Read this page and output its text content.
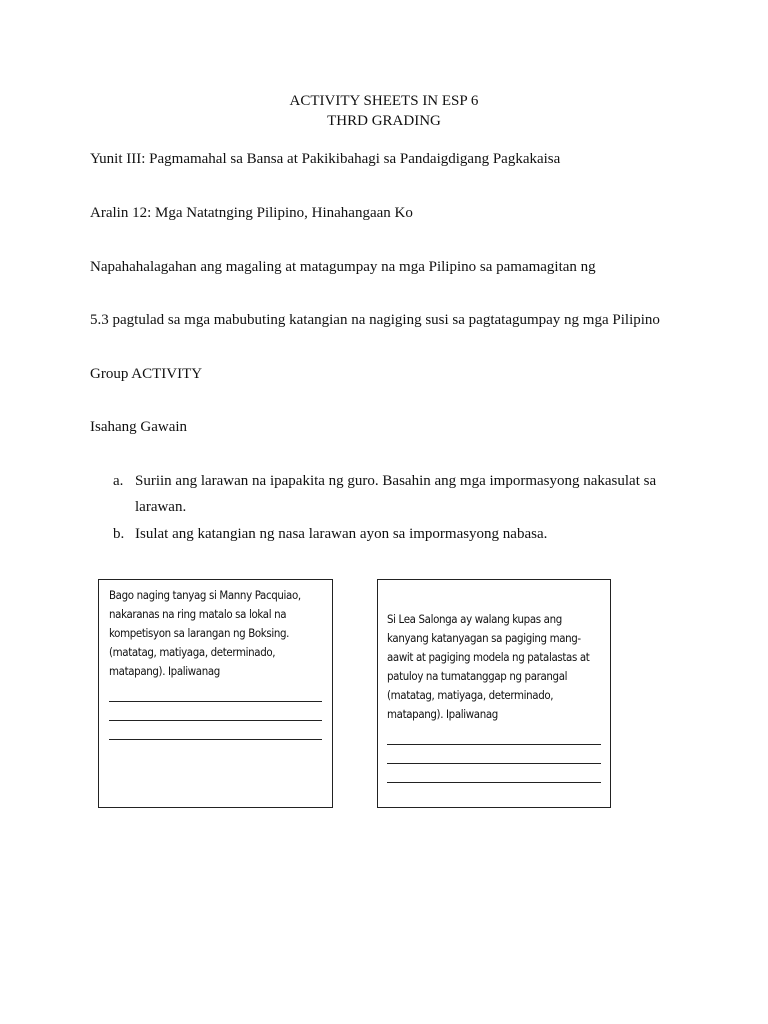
ACTIVITY SHEETS IN ESP 6
THRD GRADING
Yunit III: Pagmamahal sa Bansa at Pakikibahagi sa Pandaigdigang Pagkakaisa
Aralin 12: Mga Natatnging Pilipino, Hinahangaan Ko
Napahahalagahan ang magaling at matagumpay na mga Pilipino sa pamamagitan ng
5.3 pagtulad sa mga mabubuting katangian na nagiging susi sa pagtatagumpay ng mga Pilipino
Group ACTIVITY
Isahang Gawain
a. Suriin ang larawan na ipapakita ng guro. Basahin ang mga impormasyong nakasulat sa larawan.
b. Isulat ang katangian ng nasa larawan ayon sa impormasyong nabasa.
Bago naging tanyag si Manny Pacquiao, nakaranas na ring matalo sa lokal na kompetisyon sa larangan ng Boksing. (matatag, matiyaga, determinado, matapang). Ipaliwanag
Si Lea Salonga ay walang kupas ang kanyang katanyagan sa pagiging mang-aawit at pagiging modela ng patalastas at patuloy na tumatanggap ng parangal (matatag, matiyaga, determinado, matapang). Ipaliwanag
